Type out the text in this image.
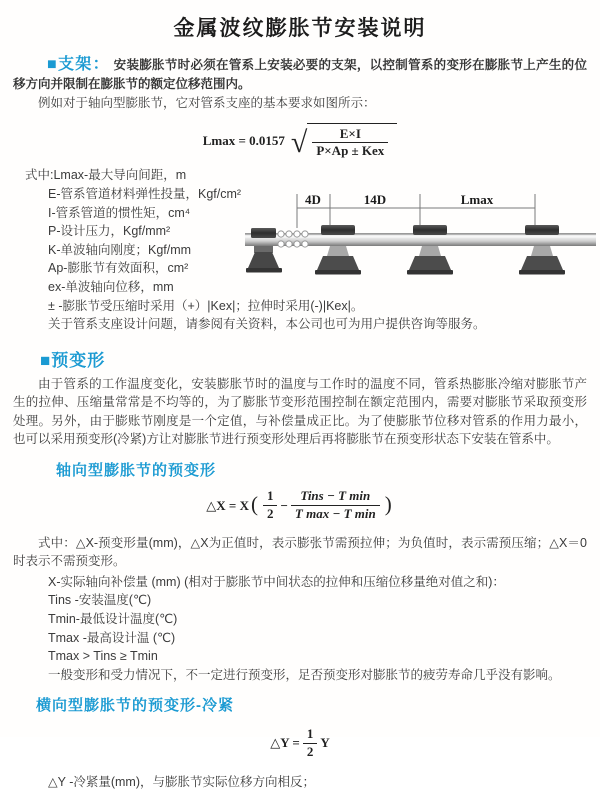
金属波纹膨胀节安装说明
■支架： 安装膨胀节时必须在管系上安装必要的支架，以控制管系的变形在膨胀节上产生的位移方向并限制在膨胀节的额定位移范围内。
例如对于轴向型膨胀节，它对管系支座的基本要求如图所示：
Lmax = 0.0157 √ $\frac{E\times I}{\text{P×Ap ± Kex}}$
式中:Lmax-最大导向间距，m
E-管系管道材料弹性投量，Kgf/cm²
I-管系管道的惯性矩，cm⁴
P-设计压力，Kgf/mm²
K-单波轴向刚度；Kgf/mm
Ap-膨胀节有效面积，cm²
ex-单波轴向位移，mm
± -膨胀节受压缩时采用（+）|Kex|；拉伸时采用(-)|Kex|。
关于管系支座设计问题，请参阅有关资料，本公司也可为用户提供咨询等服务。
4D	14D	Lmax
■预变形
由于管系的工作温度变化，安装膨胀节时的温度与工作时的温度不同，管系热膨胀冷缩对膨胀节产生的拉伸、压缩量常常是不均等的，为了膨胀节变形范围控制在额定范围内，需要对膨胀节采取预变形处理。另外，由于膨账节刚度是一个定值，与补偿量成正比。为了使膨胀节位移对管系的作用力最小，也可以采用预变形(冷紧)方让对膨胀节进行预变形处理后再将膨胀节在预变形状态下安装在管系中。
轴向型膨胀节的预变形
△X = X ( $\frac{1}{2} - \frac{\text{Tins − T min}}{\text{T max − T min}}$ )
式中：△X-预变形量(mm)，△X为正值时，表示膨张节需预拉伸；为负值时，表示需预压缩；△X＝0时表示不需预变形。
X-实际轴向补偿量 (mm) (相对于膨胀节中间状态的拉伸和压缩位移量绝对值之和)：
Tins -安装温度(℃)
Tmin-最低设计温度(℃)
Tmax -最高设计温 (℃)
Tmax > Tins ≥ Tmin
一般变形和受力情况下，不一定进行预变形，足否预变形对膨胀节的疲劳寿命几乎没有影响。
横向型膨胀节的预变形-冷紧
△Y = $\frac{1}{2}$ Y
△Y -冷紧量(mm)，与膨胀节实际位移方向相反；
